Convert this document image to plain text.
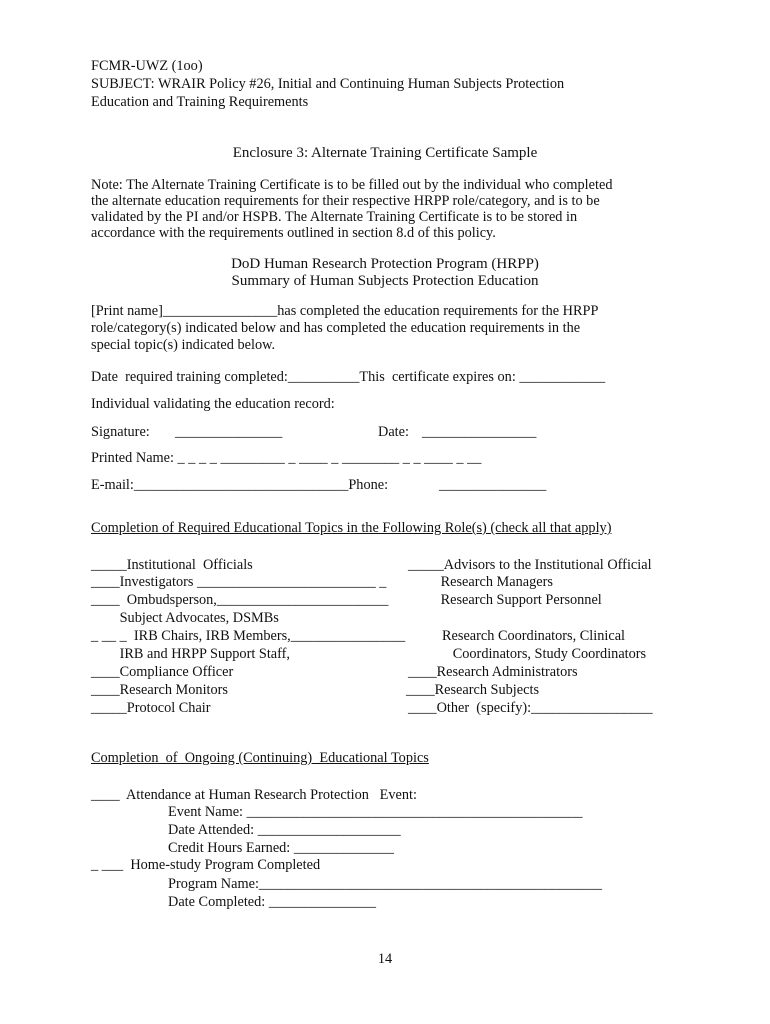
FCMR-UWZ (1oo)
SUBJECT: WRAIR Policy #26, Initial and Continuing Human Subjects Protection
Education and Training Requirements
Enclosure 3: Alternate Training Certificate Sample
Note: The Alternate Training Certificate is to be filled out by the individual who completed
the alternate education requirements for their respective HRPP role/category, and is to be
validated by the PI and/or HSPB. The Alternate Training Certificate is to be stored in
accordance with the requirements outlined in section 8.d of this policy.
DoD Human Research Protection Program (HRPP)
Summary of Human Subjects Protection Education
[Print name]________________has completed the education requirements for the HRPP
role/category(s) indicated below and has completed the education requirements in the
special topic(s) indicated below.
Date  required training completed:__________This  certificate expires on: ____________
Individual validating the education record:
Signature: _______________	Date: ________________
Printed Name: _ _ _ _ _________ _ ____ _ ________ _ _ ____ _ __
E-mail:______________________________Phone:	_______________
Completion of Required Educational Topics in the Following Role(s) (check all that apply)
_____Institutional  Officials
____Investigators _________________________ _
____  Ombudsperson,________________________
Subject Advocates, DSMBs
_ __ _  IRB Chairs, IRB Members,________________
IRB and HRPP Support Staff,
____Compliance Officer
____Research Monitors
_____Protocol Chair
_____Advisors to the Institutional Official
Research Managers
Research Support Personnel
Research Coordinators, Clinical
Coordinators, Study Coordinators
____Research Administrators
____Research Subjects
____Other  (specify):_________________
Completion  of  Ongoing (Continuing)  Educational Topics
____  Attendance at Human Research Protection   Event:
Event Name: _______________________________________________
Date Attended: ____________________
Credit Hours Earned: ______________
_ ___  Home-study Program Completed
Program Name:________________________________________________
Date Completed: _______________
14
